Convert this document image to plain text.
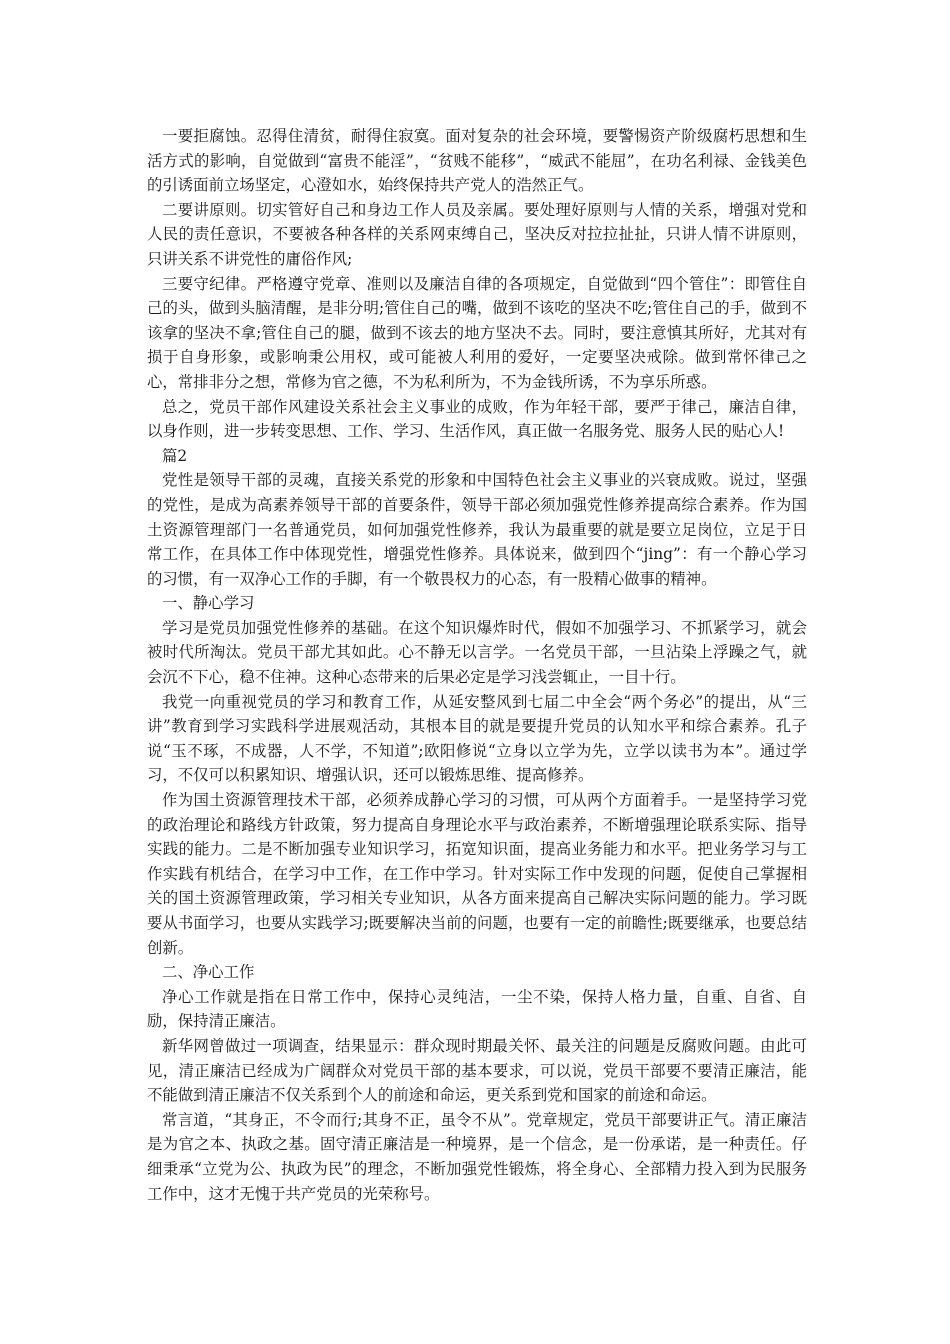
一要拒腐蚀。忍得住清贫，耐得住寂寞。面对复杂的社会环境，要警惕资产阶级腐朽思想和生活方式的影响，自觉做到“富贵不能淫”，“贫贱不能移”，“威武不能屈”，在功名利禄、金钱美色的引诱面前立场坚定，心澄如水，始终保持共产党人的浩然正气。

二要讲原则。切实管好自己和身边工作人员及亲属。要处理好原则与人情的关系，增强对党和人民的责任意识，不要被各种各样的关系网束缚自己，坚决反对拉拉扯扯，只讲人情不讲原则，只讲关系不讲党性的庸俗作风;

三要守纪律。严格遵守党章、准则以及廉洁自律的各项规定，自觉做到“四个管住”：即管住自己的头，做到头脑清醒，是非分明;管住自己的嘴，做到不该吃的坚决不吃;管住自己的手，做到不该拿的坚决不拿;管住自己的腿，做到不该去的地方坚决不去。同时，要注意慎其所好，尤其对有损于自身形象，或影响秉公用权，或可能被人利用的爱好，一定要坚决戒除。做到常怀律己之心，常排非分之想，常修为官之德，不为私利所为，不为金钱所诱，不为享乐所惑。

总之，党员干部作风建设关系社会主义事业的成败，作为年轻干部，要严于律己，廉洁自律，以身作则，进一步转变思想、工作、学习、生活作风，真正做一名服务党、服务人民的贴心人!

篇2

党性是领导干部的灵魂，直接关系党的形象和中国特色社会主义事业的兴衰成败。说过，坚强的党性，是成为高素养领导干部的首要条件，领导干部必须加强党性修养提高综合素养。作为国土资源管理部门一名普通党员，如何加强党性修养，我认为最重要的就是要立足岗位，立足于日常工作，在具体工作中体现党性，增强党性修养。具体说来，做到四个“jing”：有一个静心学习的习惯，有一双净心工作的手脚，有一个敬畏权力的心态，有一股精心做事的精神。

一、静心学习

学习是党员加强党性修养的基础。在这个知识爆炸时代，假如不加强学习、不抓紧学习，就会被时代所淘汰。党员干部尤其如此。心不静无以言学。一名党员干部，一旦沾染上浮躁之气，就会沉不下心，稳不住神。这种心态带来的后果必定是学习浅尝辄止，一目十行。

我党一向重视党员的学习和教育工作，从延安整风到七届二中全会“两个务必”的提出，从“三讲”教育到学习实践科学进展观活动，其根本目的就是要提升党员的认知水平和综合素养。孔子说“玉不琢，不成器，人不学，不知道”;欧阳修说“立身以立学为先，立学以读书为本”。通过学习，不仅可以积累知识、增强认识，还可以锻炼思维、提高修养。

作为国土资源管理技术干部，必须养成静心学习的习惯，可从两个方面着手。一是坚持学习党的政治理论和路线方针政策，努力提高自身理论水平与政治素养，不断增强理论联系实际、指导实践的能力。二是不断加强专业知识学习，拓宽知识面，提高业务能力和水平。把业务学习与工作实践有机结合，在学习中工作，在工作中学习。针对实际工作中发现的问题，促使自己掌握相关的国土资源管理政策，学习相关专业知识，从各方面来提高自己解决实际问题的能力。学习既要从书面学习，也要从实践学习;既要解决当前的问题，也要有一定的前瞻性;既要继承，也要总结创新。

二、净心工作

净心工作就是指在日常工作中，保持心灵纯洁，一尘不染，保持人格力量，自重、自省、自励，保持清正廉洁。

新华网曾做过一项调查，结果显示：群众现时期最关怀、最关注的问题是反腐败问题。由此可见，清正廉洁已经成为广阔群众对党员干部的基本要求，可以说，党员干部要不要清正廉洁，能不能做到清正廉洁不仅关系到个人的前途和命运，更关系到党和国家的前途和命运。

常言道，“其身正，不令而行;其身不正，虽令不从”。党章规定，党员干部要讲正气。清正廉洁是为官之本、执政之基。固守清正廉洁是一种境界，是一个信念，是一份承诺，是一种责任。仔细秉承“立党为公、执政为民”的理念，不断加强党性锻炼，将全身心、全部精力投入到为民服务工作中，这才无愧于共产党员的光荣称号。
